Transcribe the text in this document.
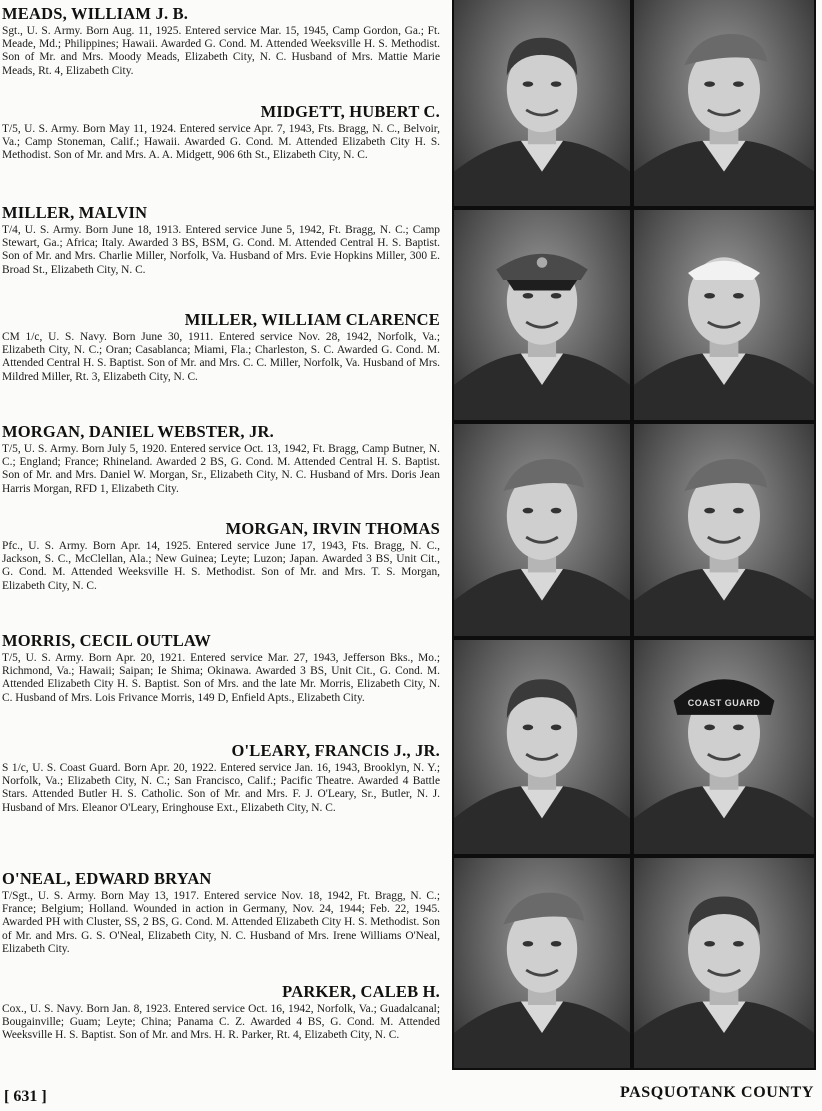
MEADS, WILLIAM J. B.

Sgt., U. S. Army. Born Aug. 11, 1925. Entered service Mar. 15, 1945, Camp Gordon, Ga.; Ft. Meade, Md.; Philippines; Hawaii. Awarded G. Cond. M. Attended Weeksville H. S. Methodist. Son of Mr. and Mrs. Moody Meads, Elizabeth City, N. C. Husband of Mrs. Mattie Marie Meads, Rt. 4, Elizabeth City.

MIDGETT, HUBERT C.

T/5, U. S. Army. Born May 11, 1924. Entered service Apr. 7, 1943, Fts. Bragg, N. C., Belvoir, Va.; Camp Stoneman, Calif.; Hawaii. Awarded G. Cond. M. Attended Elizabeth City H. S. Methodist. Son of Mr. and Mrs. A. A. Midgett, 906 6th St., Elizabeth City, N. C.

MILLER, MALVIN

T/4, U. S. Army. Born June 18, 1913. Entered service June 5, 1942, Ft. Bragg, N. C.; Camp Stewart, Ga.; Africa; Italy. Awarded 3 BS, BSM, G. Cond. M. Attended Central H. S. Baptist. Son of Mr. and Mrs. Charlie Miller, Norfolk, Va. Husband of Mrs. Evie Hopkins Miller, 300 E. Broad St., Elizabeth City, N. C.

MILLER, WILLIAM CLARENCE

CM 1/c, U. S. Navy. Born June 30, 1911. Entered service Nov. 28, 1942, Norfolk, Va.; Elizabeth City, N. C.; Oran; Casablanca; Miami, Fla.; Charleston, S. C. Awarded G. Cond. M. Attended Central H. S. Baptist. Son of Mr. and Mrs. C. C. Miller, Norfolk, Va. Husband of Mrs. Mildred Miller, Rt. 3, Elizabeth City, N. C.

MORGAN, DANIEL WEBSTER, JR.

T/5, U. S. Army. Born July 5, 1920. Entered service Oct. 13, 1942, Ft. Bragg, Camp Butner, N. C.; England; France; Rhineland. Awarded 2 BS, G. Cond. M. Attended Central H. S. Baptist. Son of Mr. and Mrs. Daniel W. Morgan, Sr., Elizabeth City, N. C. Husband of Mrs. Doris Jean Harris Morgan, RFD 1, Elizabeth City.

MORGAN, IRVIN THOMAS

Pfc., U. S. Army. Born Apr. 14, 1925. Entered service June 17, 1943, Fts. Bragg, N. C., Jackson, S. C., McClellan, Ala.; New Guinea; Leyte; Luzon; Japan. Awarded 3 BS, Unit Cit., G. Cond. M. Attended Weeksville H. S. Methodist. Son of Mr. and Mrs. T. S. Morgan, Elizabeth City, N. C.

MORRIS, CECIL OUTLAW

T/5, U. S. Army. Born Apr. 20, 1921. Entered service Mar. 27, 1943, Jefferson Bks., Mo.; Richmond, Va.; Hawaii; Saipan; Ie Shima; Okinawa. Awarded 3 BS, Unit Cit., G. Cond. M. Attended Elizabeth City H. S. Baptist. Son of Mrs. and the late Mr. Morris, Elizabeth City, N. C. Husband of Mrs. Lois Frivance Morris, 149 D, Enfield Apts., Elizabeth City.

O'LEARY, FRANCIS J., JR.

S 1/c, U. S. Coast Guard. Born Apr. 20, 1922. Entered service Jan. 16, 1943, Brooklyn, N. Y.; Norfolk, Va.; Elizabeth City, N. C.; San Francisco, Calif.; Pacific Theatre. Awarded 4 Battle Stars. Attended Butler H. S. Catholic. Son of Mr. and Mrs. F. J. O'Leary, Sr., Butler, N. J. Husband of Mrs. Eleanor O'Leary, Eringhouse Ext., Elizabeth City, N. C.

O'NEAL, EDWARD BRYAN

T/Sgt., U. S. Army. Born May 13, 1917. Entered service Nov. 18, 1942, Ft. Bragg, N. C.; France; Belgium; Holland. Wounded in action in Germany, Nov. 24, 1944; Feb. 22, 1945. Awarded PH with Cluster, SS, 2 BS, G. Cond. M. Attended Elizabeth City H. S. Methodist. Son of Mr. and Mrs. G. S. O'Neal, Elizabeth City, N. C. Husband of Mrs. Irene Williams O'Neal, Elizabeth City.

PARKER, CALEB H.

Cox., U. S. Navy. Born Jan. 8, 1923. Entered service Oct. 16, 1942, Norfolk, Va.; Guadalcanal; Bougainville; Guam; Leyte; China; Panama C. Z. Awarded 4 BS, G. Cond. M. Attended Weeksville H. S. Baptist. Son of Mr. and Mrs. H. R. Parker, Rt. 4, Elizabeth City, N. C.

COAST GUARD
[ 631 ]	PASQUOTANK COUNTY
